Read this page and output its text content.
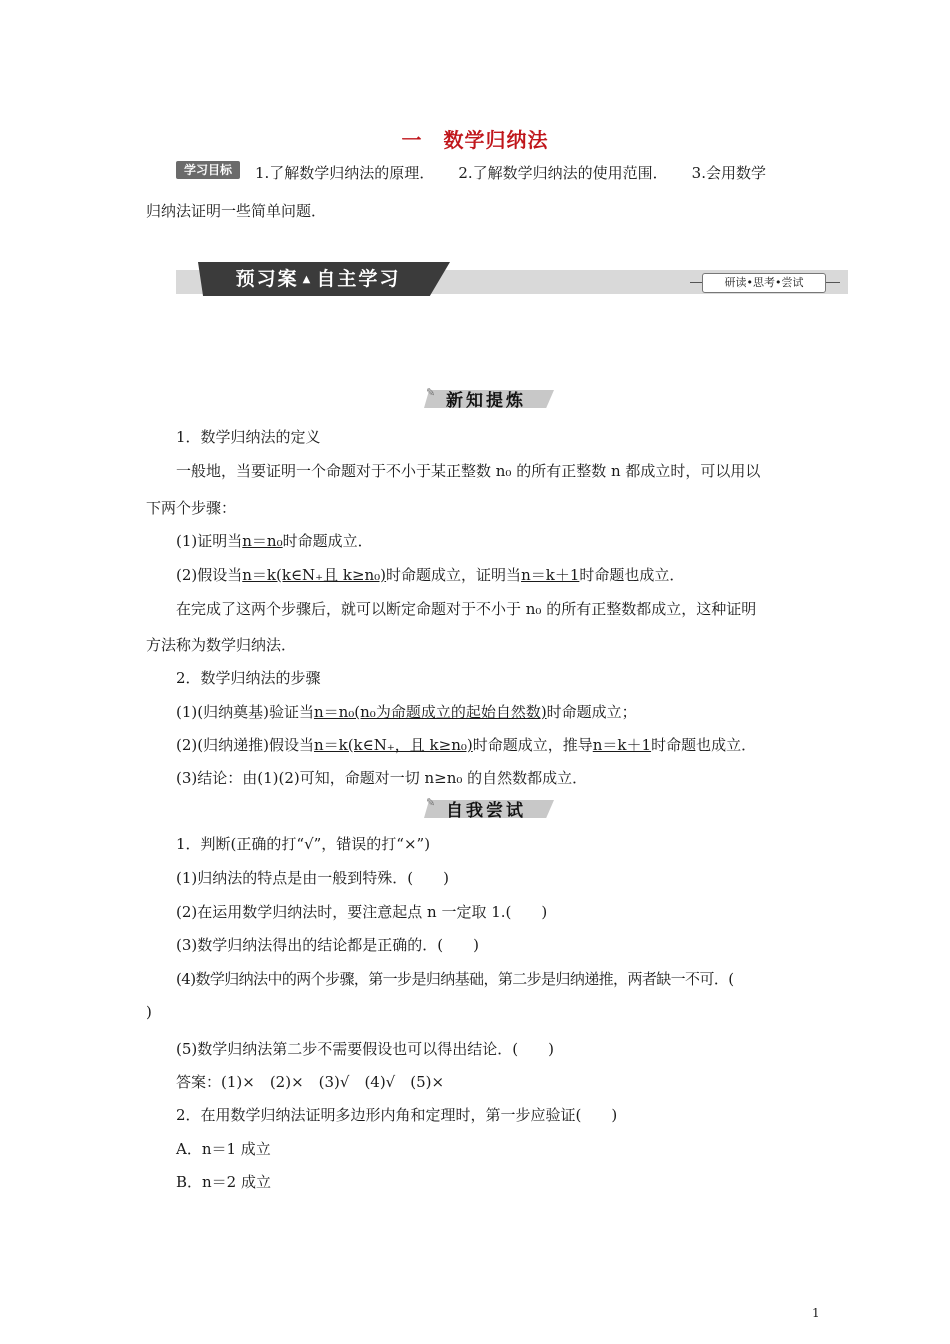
一　数学归纳法
学习目标	1.了解数学归纳法的原理． 2.了解数学归纳法的使用范围． 3.会用数学
归纳法证明一些简单问题．
预习案 ▲ 自主学习	研读•思考•尝试
✎ 新知提炼
1．数学归纳法的定义
一般地，当要证明一个命题对于不小于某正整数 n₀ 的所有正整数 n 都成立时，可以用以
下两个步骤：
(1)证明当n＝n₀时命题成立．
(2)假设当n＝k(k∈N₊且 k≥n₀)时命题成立，证明当n＝k＋1时命题也成立．
在完成了这两个步骤后，就可以断定命题对于不小于 n₀ 的所有正整数都成立，这种证明
方法称为数学归纳法．
2．数学归纳法的步骤
(1)(归纳奠基)验证当n＝n₀(n₀为命题成立的起始自然数)时命题成立；
(2)(归纳递推)假设当n＝k(k∈N₊，且 k≥n₀)时命题成立，推导n＝k＋1时命题也成立．
(3)结论：由(1)(2)可知，命题对一切 n≥n₀ 的自然数都成立．
✎ 自我尝试
1．判断(正确的打“√”，错误的打“×”)
(1)归纳法的特点是由一般到特殊．(　　)
(2)在运用数学归纳法时，要注意起点 n 一定取 1.(　　)
(3)数学归纳法得出的结论都是正确的．(　　)
(4)数学归纳法中的两个步骤，第一步是归纳基础，第二步是归纳递推，两者缺一不可．(
)
(5)数学归纳法第二步不需要假设也可以得出结论．(　　)
答案：(1)×　(2)×　(3)√　(4)√　(5)×
2．在用数学归纳法证明多边形内角和定理时，第一步应验证(　　)
A．n＝1 成立
B．n＝2 成立
1
